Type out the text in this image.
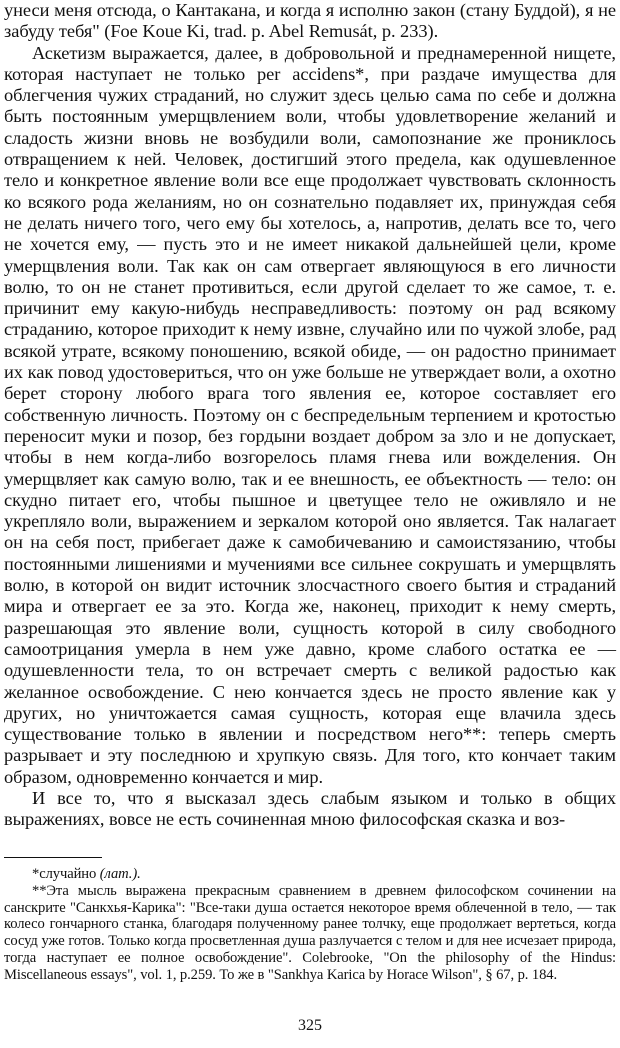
унеси меня отсюда, о Кантакана, и когда я исполню закон (стану Буддой), я не забуду тебя" (Foe Koue Ki, trad. p. Abel Remusát, p. 233).

Аскетизм выражается, далее, в добровольной и преднамеренной нищете, которая наступает не только per accidens*, при раздаче имущества для облегчения чужих страданий, но служит здесь целью сама по себе и должна быть постоянным умерщвлением воли, чтобы удовлетворение желаний и сладость жизни вновь не возбудили воли, самопознание же прониклось отвращением к ней. Человек, достигший этого предела, как одушевленное тело и конкретное явление воли все еще продолжает чувствовать склонность ко всякого рода желаниям, но он сознательно подавляет их, принуждая себя не делать ничего того, чего ему бы хотелось, а, напротив, делать все то, чего не хочется ему, — пусть это и не имеет никакой дальнейшей цели, кроме умерщвления воли. Так как он сам отвергает являющуюся в его личности волю, то он не станет противиться, если другой сделает то же самое, т. е. причинит ему какую-нибудь несправедливость: поэтому он рад всякому страданию, которое приходит к нему извне, случайно или по чужой злобе, рад всякой утрате, всякому поношению, всякой обиде, — он радостно принимает их как повод удостовериться, что он уже больше не утверждает воли, а охотно берет сторону любого врага того явления ее, которое составляет его собственную личность. Поэтому он с беспредельным терпением и кротостью переносит муки и позор, без гордыни воздает добром за зло и не допускает, чтобы в нем когда-либо возгорелось пламя гнева или вожделения. Он умерщвляет как самую волю, так и ее внешность, ее объектность — тело: он скудно питает его, чтобы пышное и цветущее тело не оживляло и не укрепляло воли, выражением и зеркалом которой оно является. Так налагает он на себя пост, прибегает даже к самобичеванию и самоистязанию, чтобы постоянными лишениями и мучениями все сильнее сокрушать и умерщвлять волю, в которой он видит источник злосчастного своего бытия и страданий мира и отвергает ее за это. Когда же, наконец, приходит к нему смерть, разрешающая это явление воли, сущность которой в силу свободного самоотрицания умерла в нем уже давно, кроме слабого остатка ее — одушевленности тела, то он встречает смерть с великой радостью как желанное освобождение. С нею кончается здесь не просто явление как у других, но уничтожается самая сущность, которая еще влачила здесь существование только в явлении и посредством него**: теперь смерть разрывает и эту последнюю и хрупкую связь. Для того, кто кончает таким образом, одновременно кончается и мир.

И все то, что я высказал здесь слабым языком и только в общих выражениях, вовсе не есть сочиненная мною философская сказка и воз-

*случайно (лат.).

**Эта мысль выражена прекрасным сравнением в древнем философском сочинении на санскрите "Санкхья-Карика": "Все-таки душа остается некоторое время облеченной в тело, — так колесо гончарного станка, благодаря полученному ранее толчку, еще продолжает вертеться, когда сосуд уже готов. Только когда просветленная душа разлучается с телом и для нее исчезает природа, тогда наступает ее полное освобождение". Colebrooke, "On the philosophy of the Hindus: Miscellaneous essays", vol. 1, p.259. То же в "Sankhya Karica by Horace Wilson", § 67, p. 184.

325
